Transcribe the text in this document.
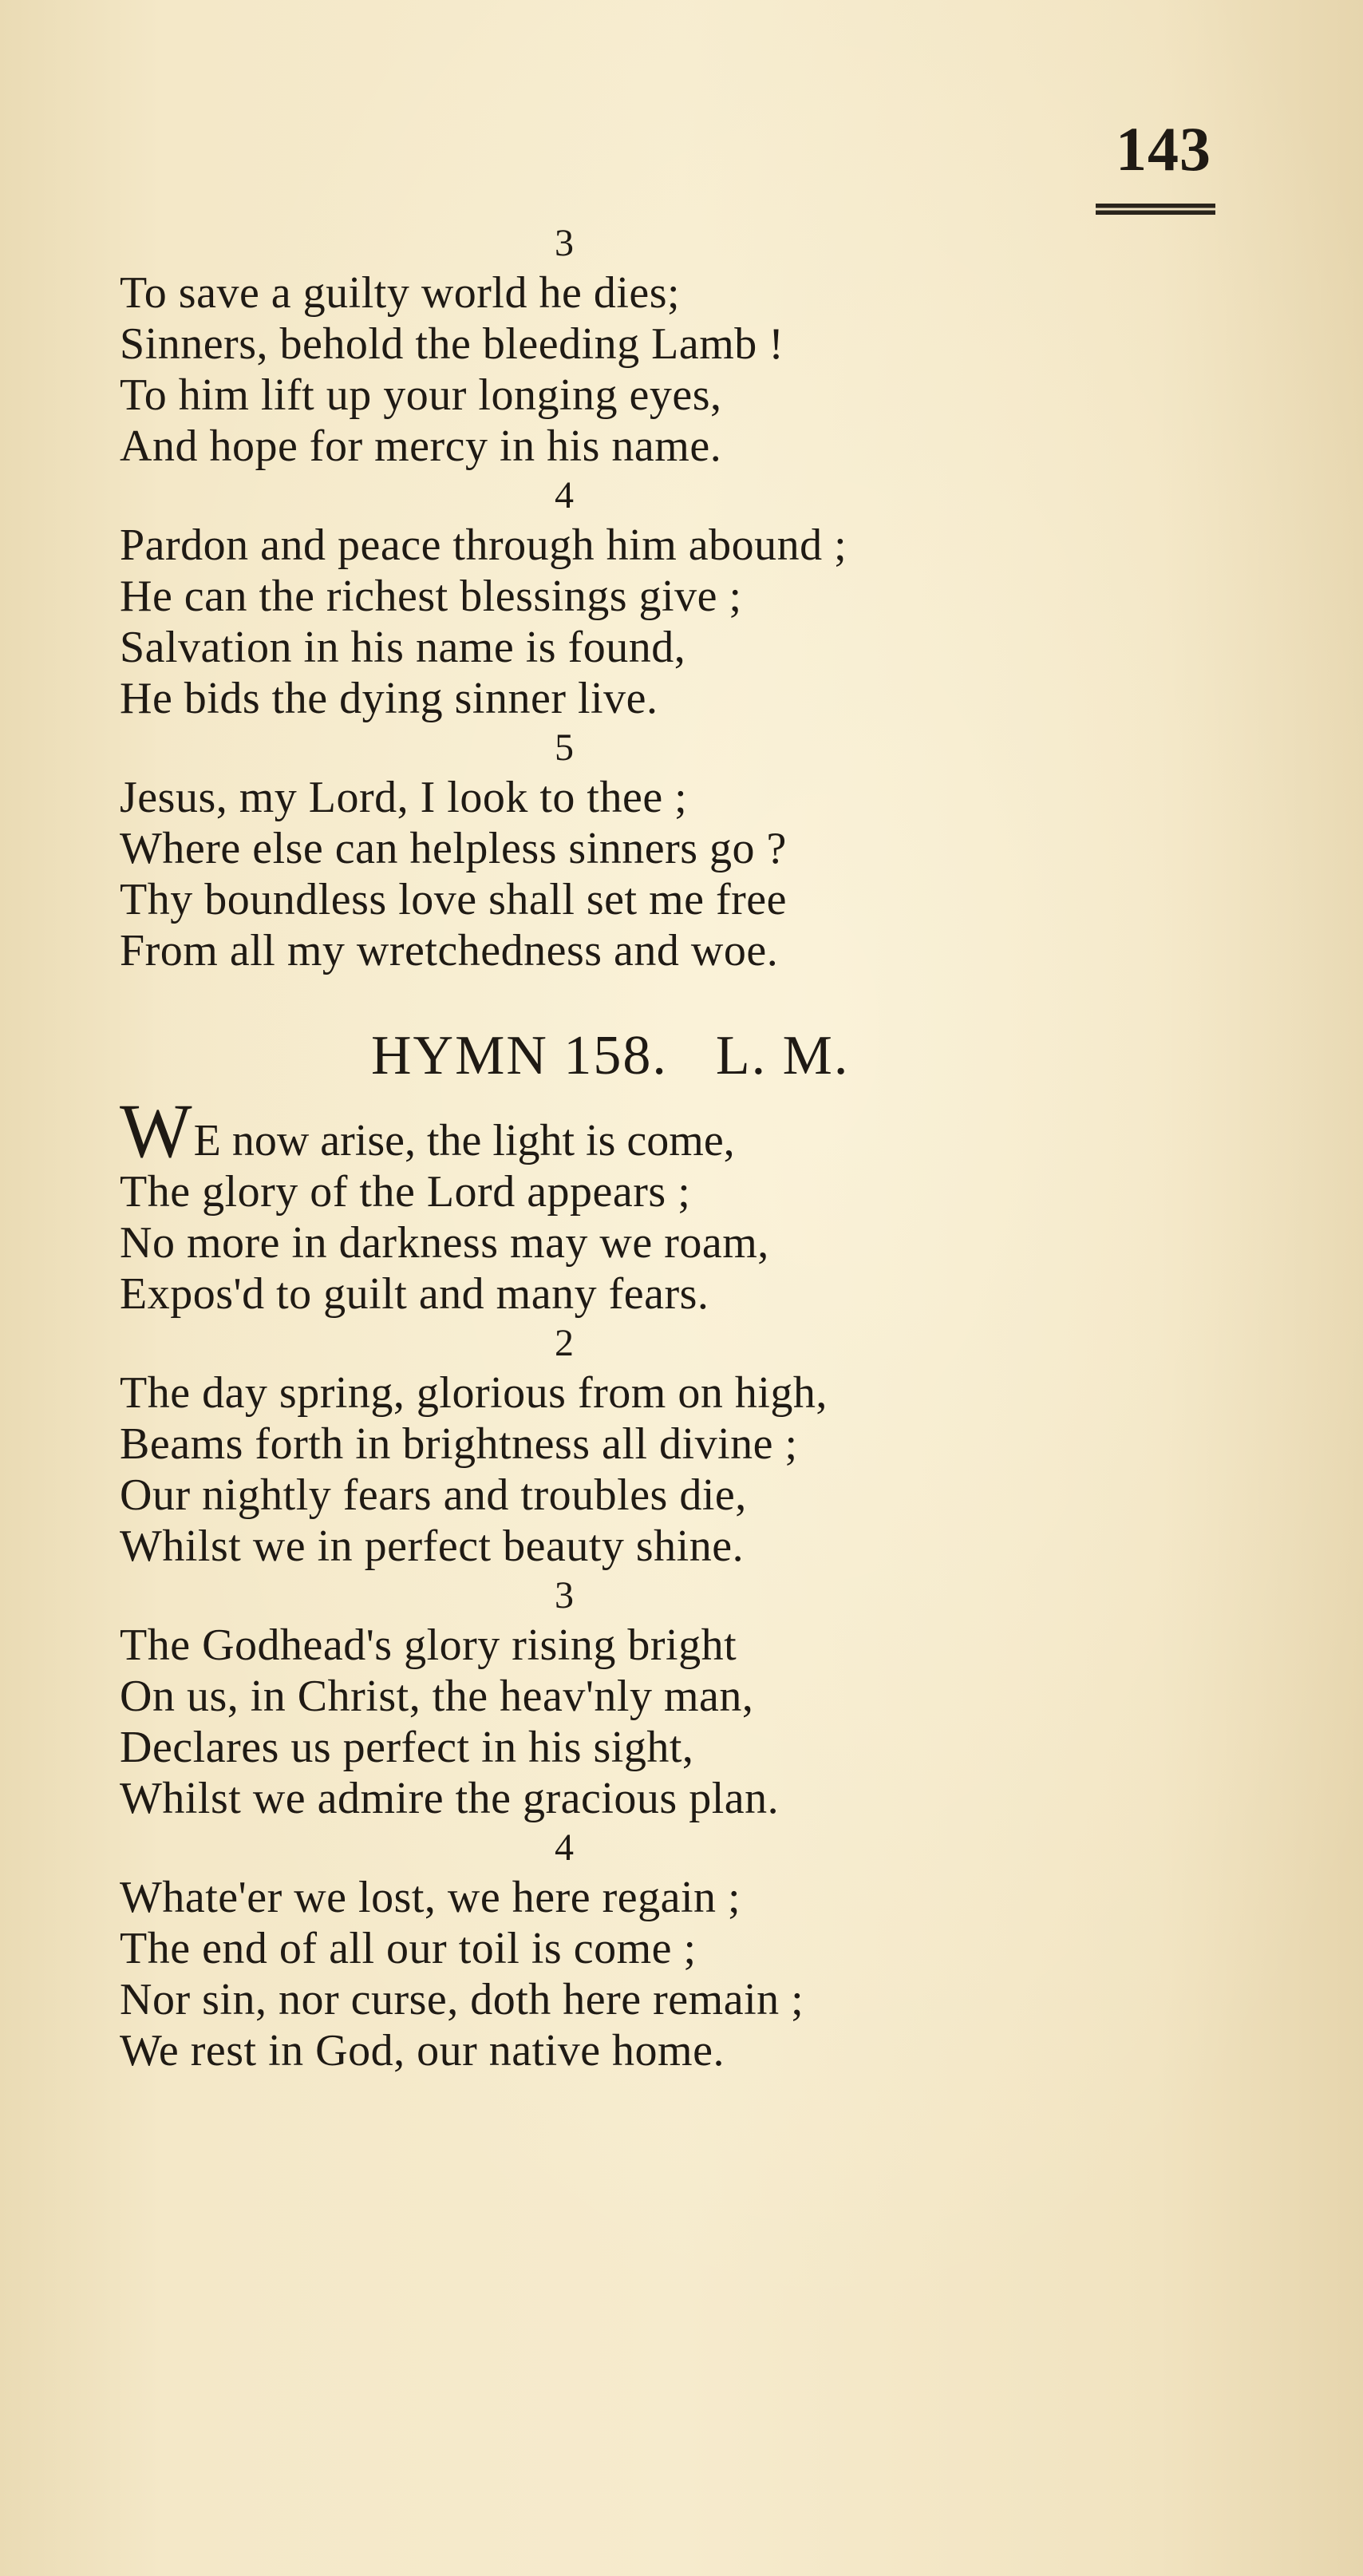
143
3
To save a guilty world he dies;
Sinners, behold the bleeding Lamb !
To him lift up your longing eyes,
And hope for mercy in his name.
4
Pardon and peace through him abound ;
He can the richest blessings give ;
Salvation in his name is found,
He bids the dying sinner live.
5
Jesus, my Lord, I look to thee ;
Where else can helpless sinners go ?
Thy boundless love shall set me free
From all my wretchedness and woe.
HYMN 158. L. M.
WE now arise, the light is come,
The glory of the Lord appears ;
No more in darkness may we roam,
Expos'd to guilt and many fears.
2
The day spring, glorious from on high,
Beams forth in brightness all divine ;
Our nightly fears and troubles die,
Whilst we in perfect beauty shine.
3
The Godhead's glory rising bright
On us, in Christ, the heav'nly man,
Declares us perfect in his sight,
Whilst we admire the gracious plan.
4
Whate'er we lost, we here regain ;
The end of all our toil is come ;
Nor sin, nor curse, doth here remain ;
We rest in God, our native home.
